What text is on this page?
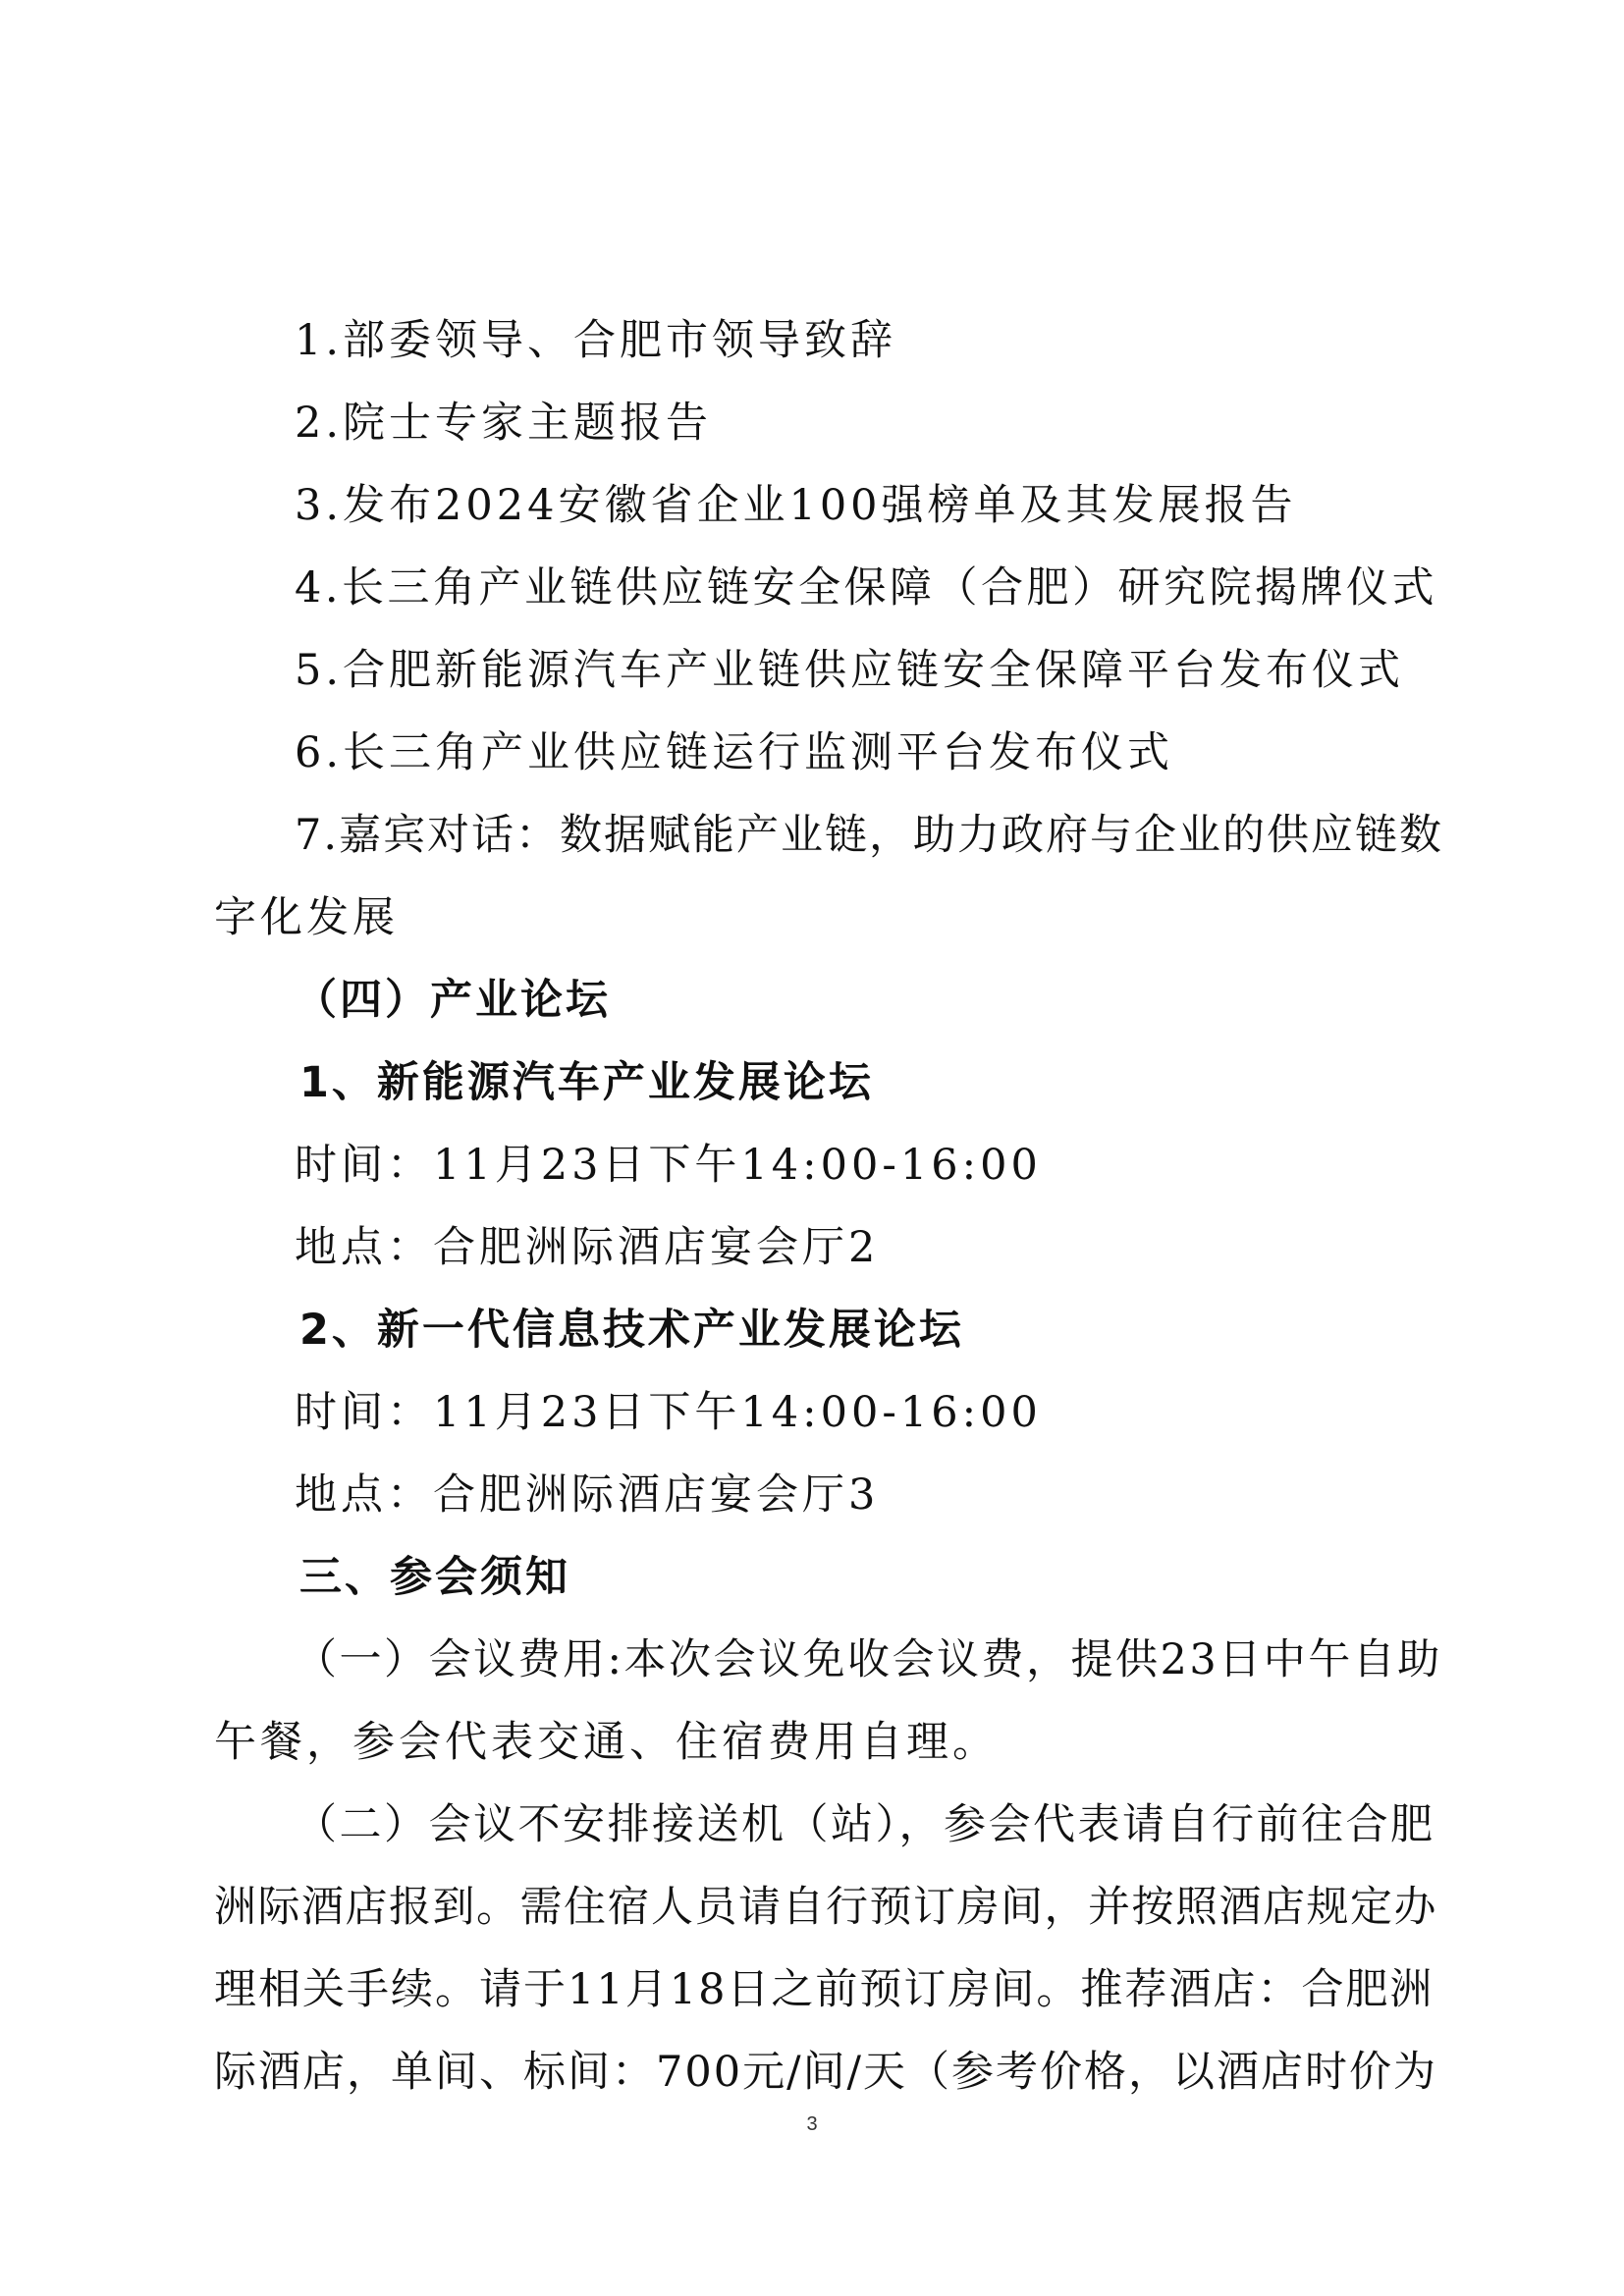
1.部委领导、合肥市领导致辞
2.院士专家主题报告
3.发布2024安徽省企业100强榜单及其发展报告
4.长三角产业链供应链安全保障（合肥）研究院揭牌仪式
5.合肥新能源汽车产业链供应链安全保障平台发布仪式
6.长三角产业供应链运行监测平台发布仪式
7.嘉宾对话：数据赋能产业链，助力政府与企业的供应链数
字化发展
（四）产业论坛
1、新能源汽车产业发展论坛
时间：11月23日下午14:00-16:00
地点：合肥洲际酒店宴会厅2
2、新一代信息技术产业发展论坛
时间：11月23日下午14:00-16:00
地点：合肥洲际酒店宴会厅3
三、参会须知
（一）会议费用:本次会议免收会议费，提供23日中午自助
午餐，参会代表交通、住宿费用自理。
（二）会议不安排接送机（站），参会代表请自行前往合肥
洲际酒店报到。需住宿人员请自行预订房间，并按照酒店规定办
理相关手续。请于11月18日之前预订房间。推荐酒店：合肥洲
际酒店，单间、标间：700元/间/天（参考价格，以酒店时价为
3
